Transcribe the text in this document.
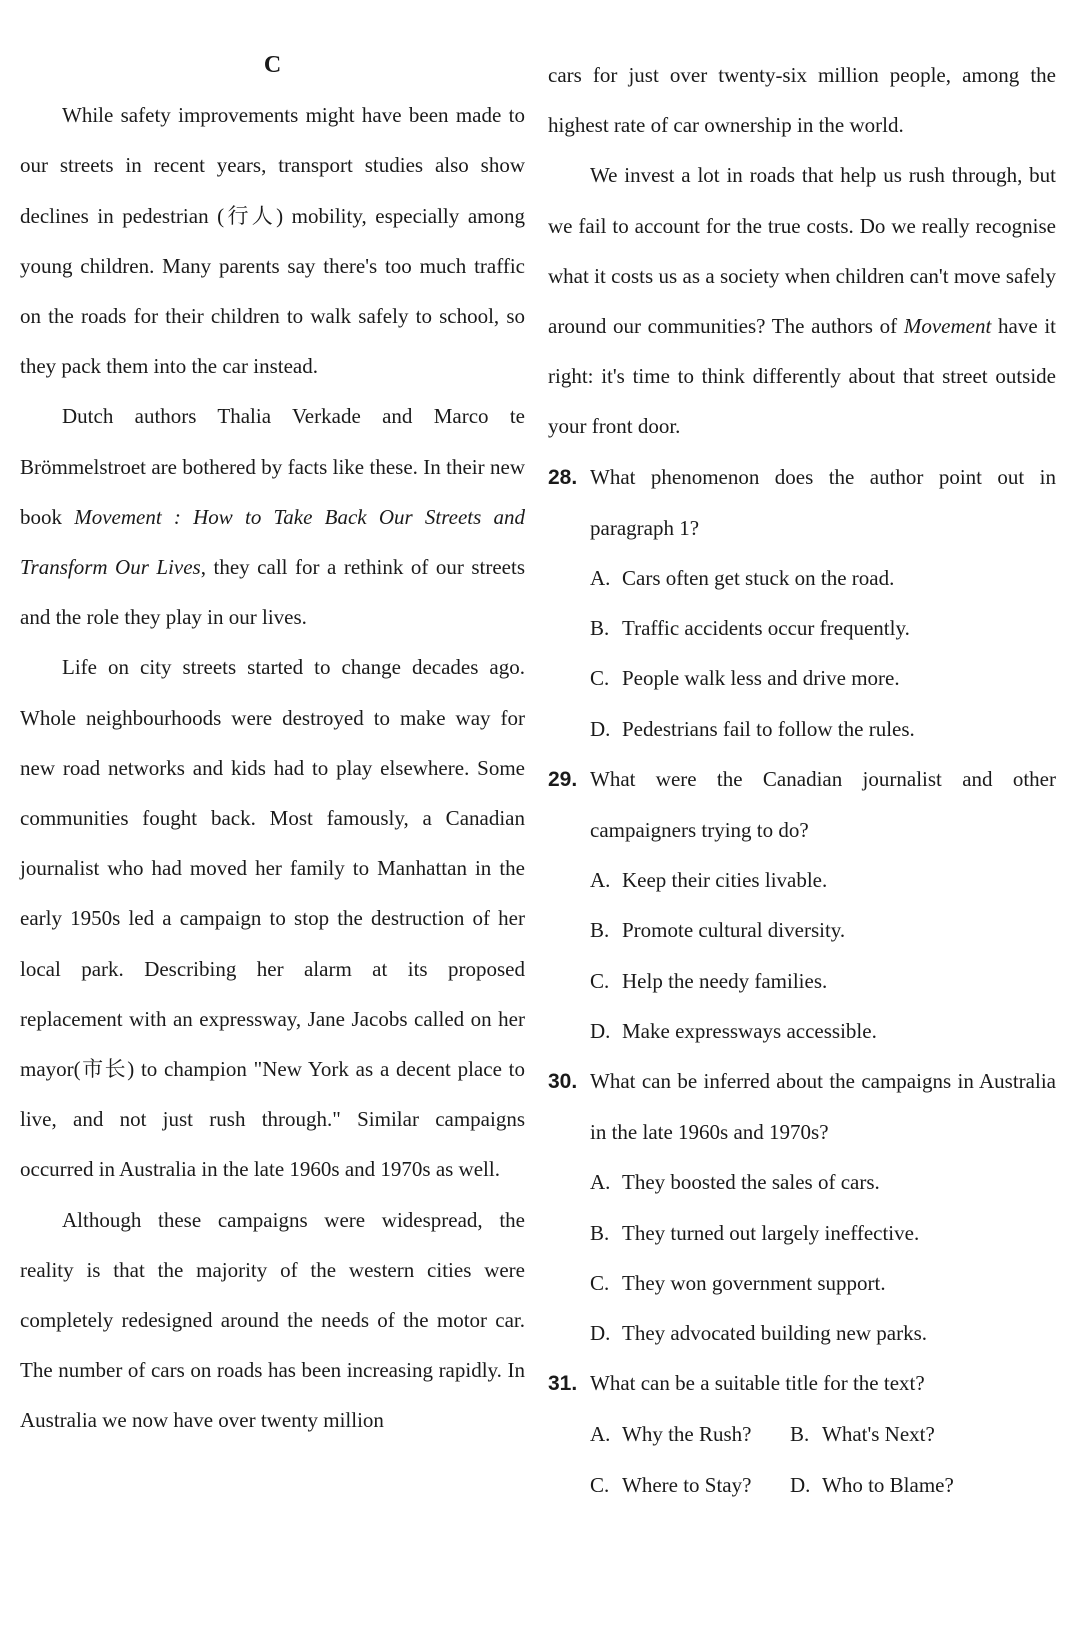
C

While safety improvements might have been made to our streets in recent years, transport studies also show declines in pedestrian (行人) mobility, especially among young children. Many parents say there's too much traffic on the roads for their children to walk safely to school, so they pack them into the car instead.

Dutch authors Thalia Verkade and Marco te Brömmelstroet are bothered by facts like these. In their new book Movement : How to Take Back Our Streets and Transform Our Lives, they call for a rethink of our streets and the role they play in our lives.

Life on city streets started to change decades ago. Whole neighbourhoods were destroyed to make way for new road networks and kids had to play elsewhere. Some communities fought back. Most famously, a Canadian journalist who had moved her family to Manhattan in the early 1950s led a campaign to stop the destruction of her local park. Describing her alarm at its proposed replacement with an expressway, Jane Jacobs called on her mayor(市长) to champion "New York as a decent place to live, and not just rush through." Similar campaigns occurred in Australia in the late 1960s and 1970s as well.

Although these campaigns were widespread, the reality is that the majority of the western cities were completely redesigned around the needs of the motor car. The number of cars on roads has been increasing rapidly. In Australia we now have over twenty million

cars for just over twenty-six million people, among the highest rate of car ownership in the world.

We invest a lot in roads that help us rush through, but we fail to account for the true costs. Do we really recognise what it costs us as a society when children can't move safely around our communities? The authors of Movement have it right: it's time to think differently about that street outside your front door.

28. What phenomenon does the author point out in paragraph 1?

A. Cars often get stuck on the road.

B. Traffic accidents occur frequently.

C. People walk less and drive more.

D. Pedestrians fail to follow the rules.

29. What were the Canadian journalist and other campaigners trying to do?

A. Keep their cities livable.

B. Promote cultural diversity.

C. Help the needy families.

D. Make expressways accessible.

30. What can be inferred about the campaigns in Australia in the late 1960s and 1970s?

A. They boosted the sales of cars.

B. They turned out largely ineffective.

C. They won government support.

D. They advocated building new parks.

31. What can be a suitable title for the text?

A. Why the Rush?	B. What's Next?
C. Where to Stay?	D. Who to Blame?
